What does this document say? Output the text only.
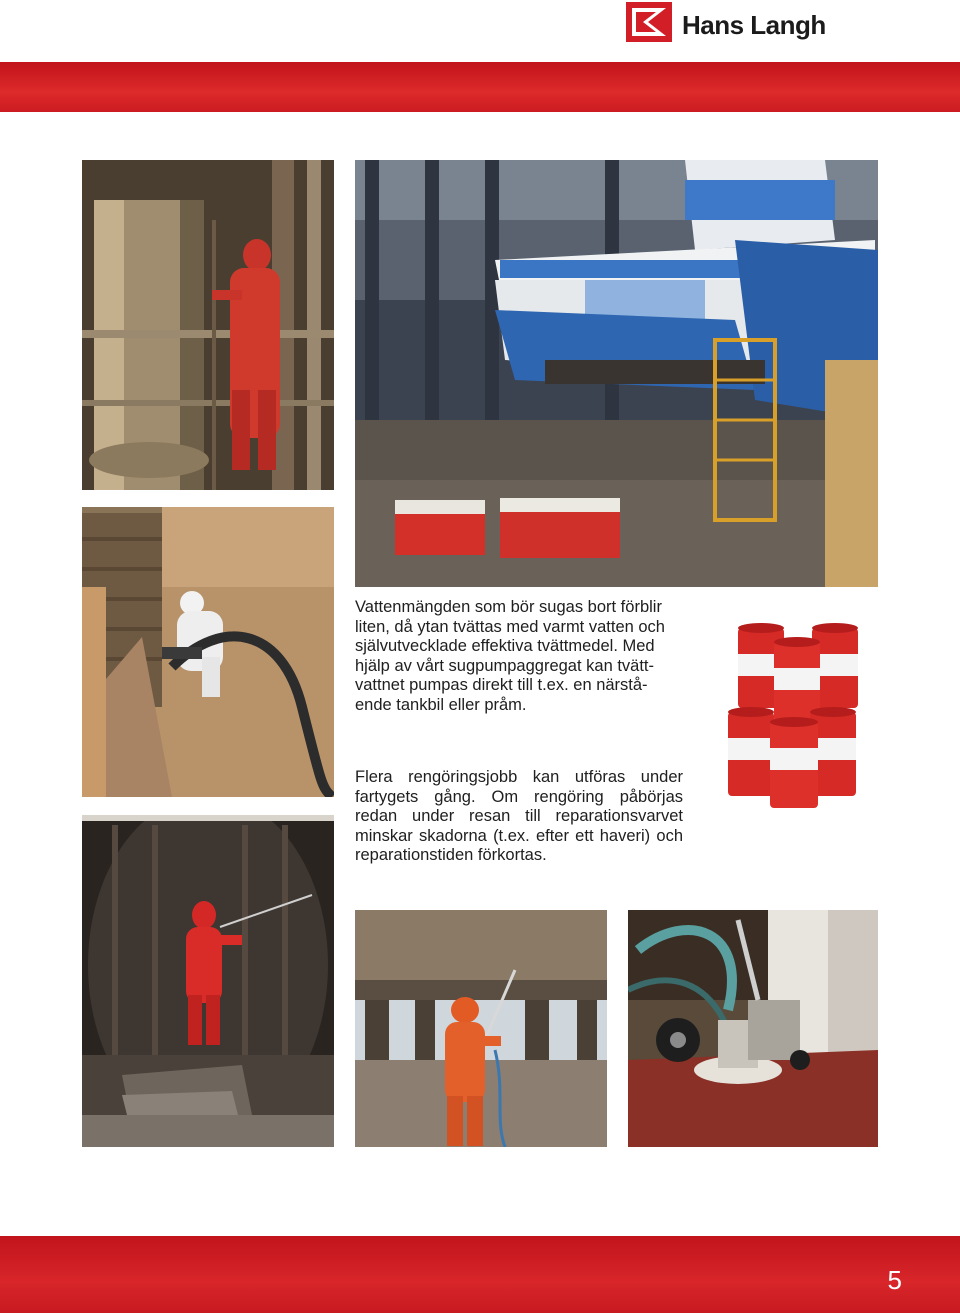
Hans Langh
Vattenmängden som bör sugas bort förblir
liten, då ytan tvättas med varmt vatten och
självutvecklade effektiva tvättmedel. Med
hjälp av vårt sugpumpaggregat kan tvätt-
vattnet pumpas direkt till t.ex. en närstå-
ende tankbil eller pråm.
Flera rengöringsjobb kan utföras under fartygets gång. Om rengöring påbörjas redan under resan till reparationsvarvet minskar skadorna (t.ex. efter ett haveri) och reparationstiden förkortas.
5
